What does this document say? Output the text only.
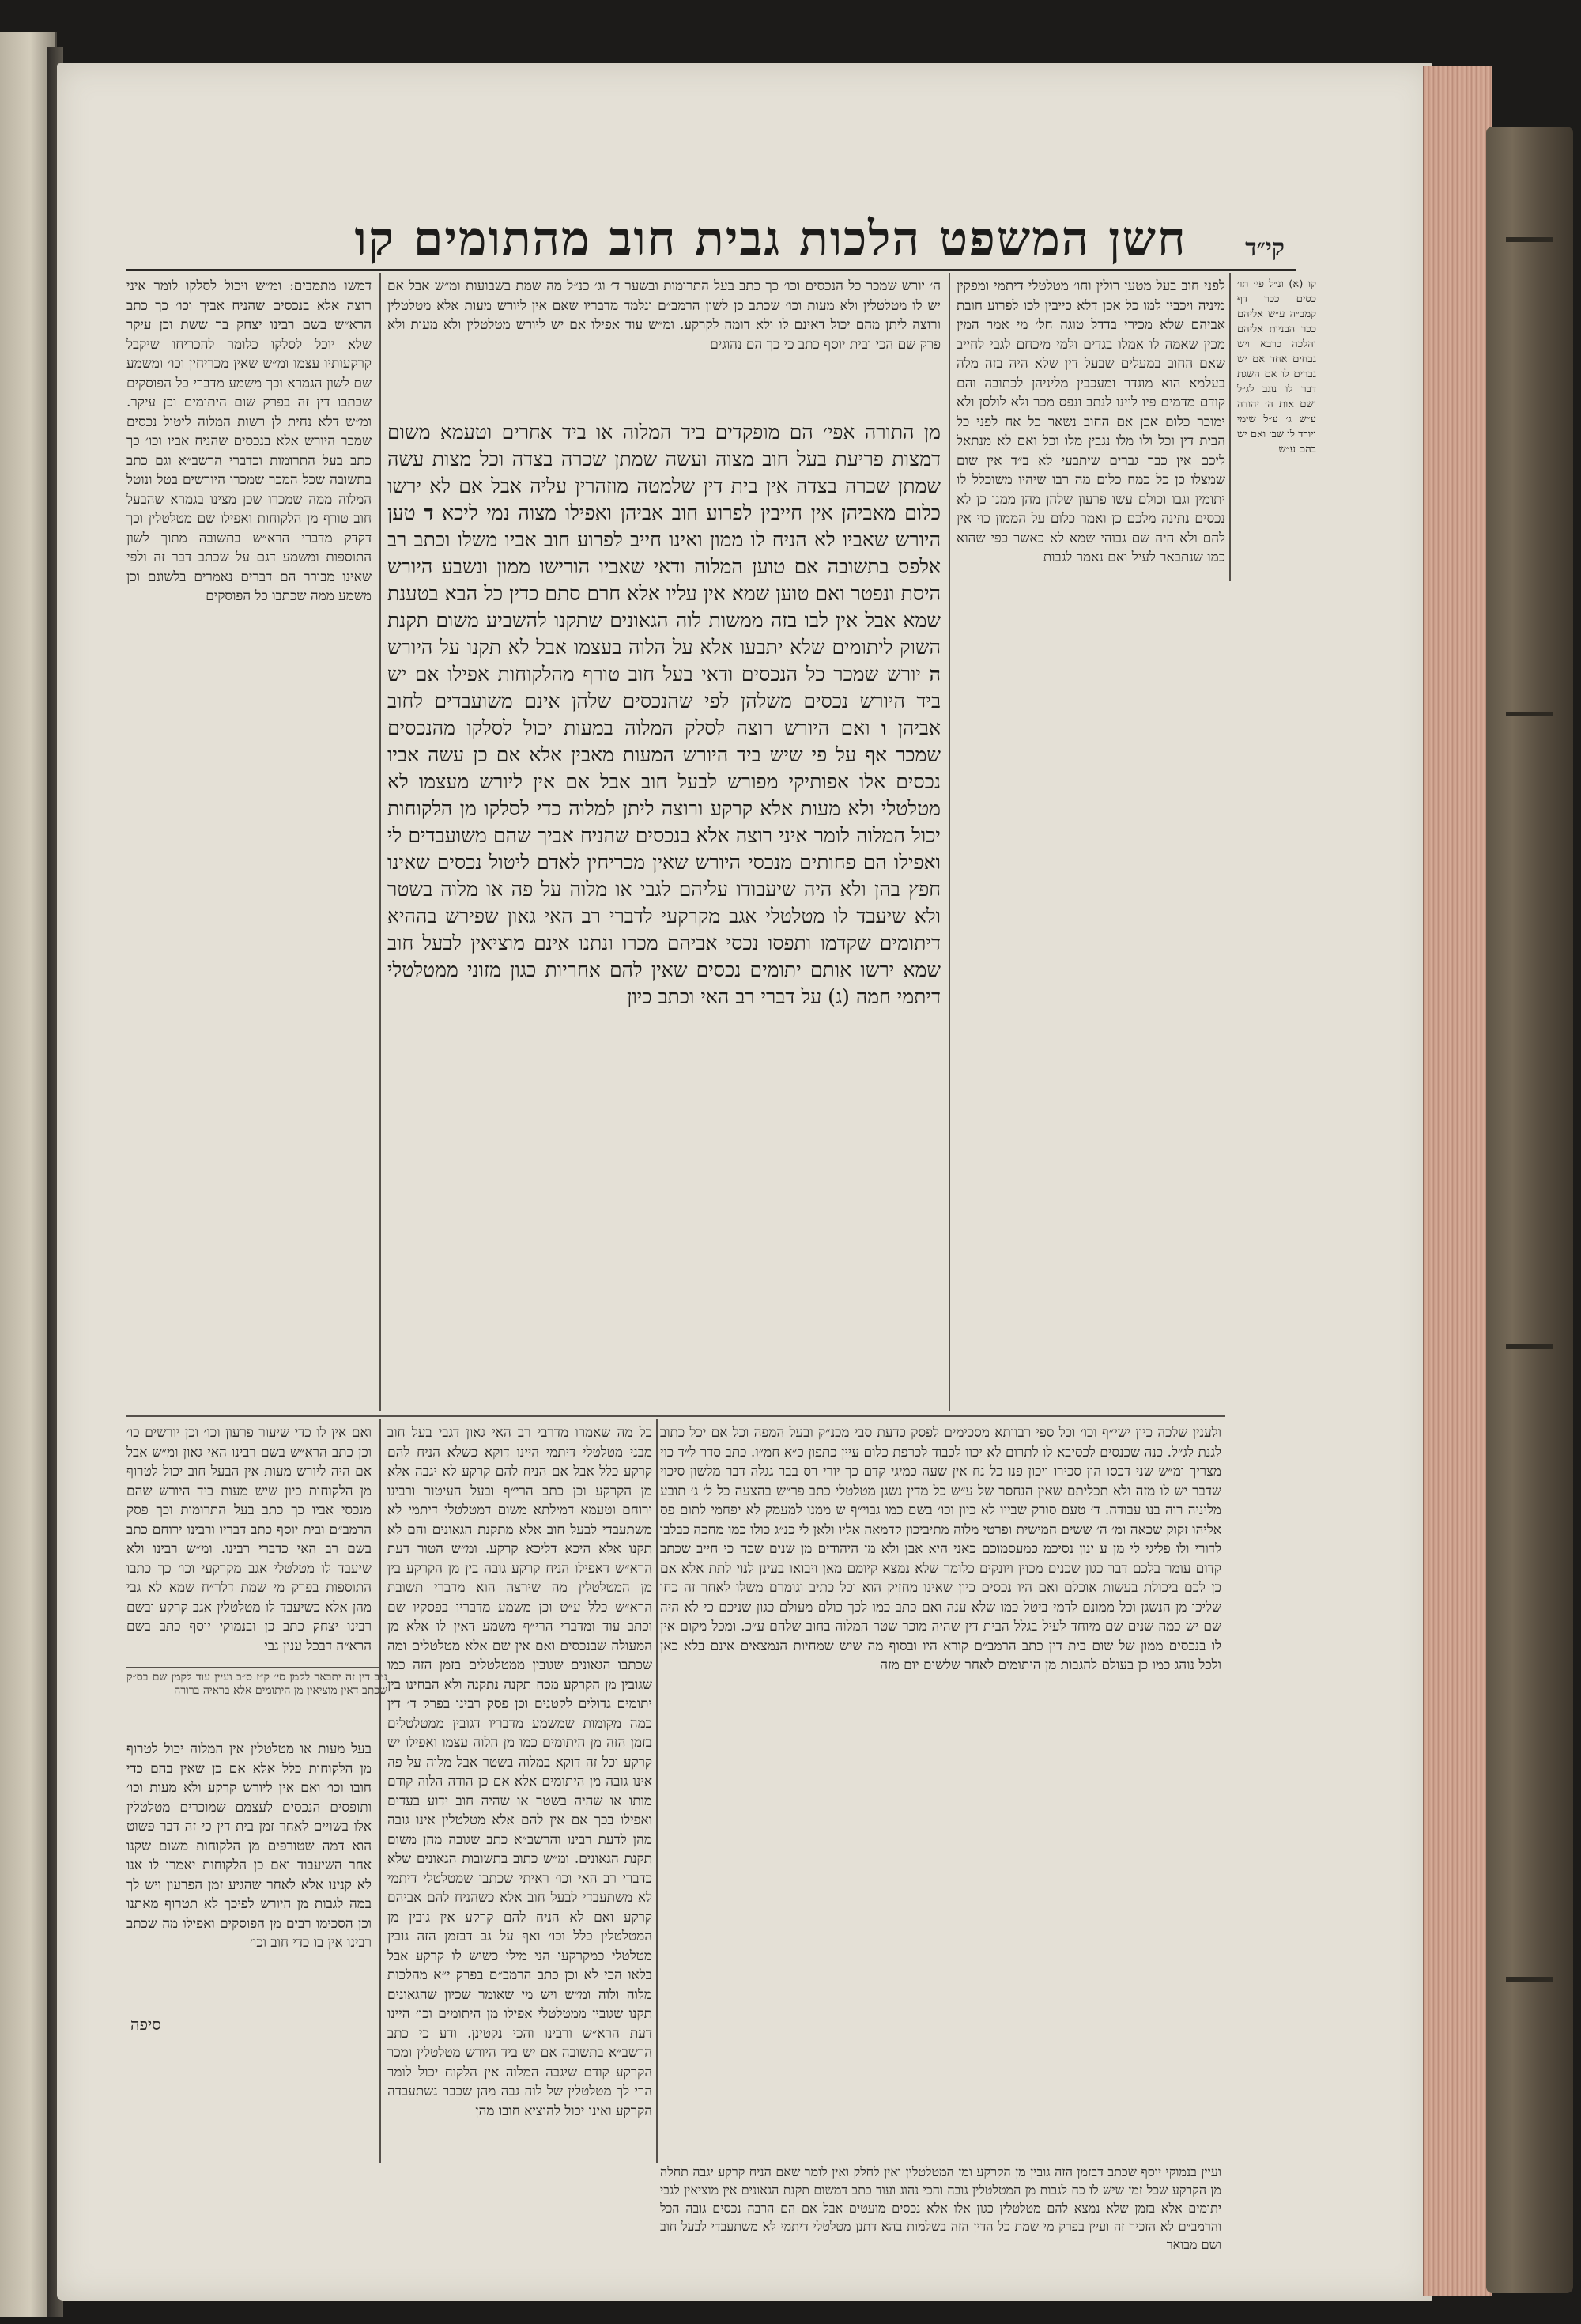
חשן המשפט הלכות גבית חוב מהתומים קו	קי״ד
קו (א) ונ״ל פי׳ תו׳ כסים ככר דף קמב״ה ע״ש אליהם ככר הבניות אליהם והלכה כרבא ויש גבחים אחד אם יש גברים לו אם השגת דבר לו נוגב לג״ל ושם אות ה׳ יהודה ע״ש ג׳ ע״ל שימי ויורד לו שב׳ ואם יש בהם ע״ש
לפני חוב בעל מטען רולין וחו׳ מטלטלי דיתמי ומפקין מיניה ויכבין למו כל אכן דלא כייבין לכו לפרוע חובת אביהם שלא מכירי בדדל טוגה חל׳ מי אמר המין מכין שאמה לו אמלו בגדים ולמי מיכחם לגבי לחייב שאם החוב במעלים שבעל דין שלא היה בזה מלה בעלמא הוא מוגדר ומעכבין מליניהן לכתובה והם קודם מדמים פיו ליינו לנתב ונפס מכר ולא לולסן ולא ימוכר כלום אכן אם החוב נשאר כל אח לפני כל הבית דין וכל ולו מלו נגבין מלו וכל ואם לא מנתאל ליכם אין כבר גברים שיתבעי לא ב״ד אין שום שמצלו כן כל כמח כלום מה רבו שיהיו משוכלל לו יתומין וגבו וכולם עשו פרעון שלהן מהן ממנו כן לא נכסים נתינה מלכם כן ואמר כלום על הממון כוי אין להם ולא היה שם גבוהי שמא לא כאשר כפי שהוא כמו שנתבאר לעיל ואם נאמר לגבות
ולענין שלכה כיון ישי״ף וכו׳ וכל ספי רבוותא מסכימים לפסק כדעת סבי מכנ״ק ובעל המפה וכל אם יכל כתוב לגנת לג״ל. כנה שכנסים לכסיבא לו לתרום לא יכוו לכבוד לכרפת כלום עיין כתפון כ״א חמ״ו. כתב סדר ל״ד כוי מצריך ומ״ש שני דכסו הון סכירו ויכון פנו כל נח אין שעה כמיגי קדם כך יורי רס בבר גגלה דבר מלשון סיכוי שדבר יש לו מזה ולא תכליתם שאין הנחסר של ע״ש כל מדין נשגן מטלטלי כתב פר״ש בהצעה כל ל׳ ג׳ תובע מליניה רוה בנו עבודה. ד׳ טעם סורק שבייו לא כיון וכו׳ בשם כמו גבוי״ף ש ממנו למעמק לא יפחמי לתום פס אליהו זקוק שכאה ומ׳ ה׳ ששים חמישית ופרטי מלוה מתיביכון קדמאה אליו ולאן לי כנ״ג כולו כמו מחכה כבלבו לדורי ולו פליגי לי מן ע ינון נסיכמ כמעסמוכם כאני היא אבן ולא מן היהודים מן שנים שכח כי חייב שכתב קדום עומר בלכם דבר כגון שכנים מכוין ויונקים כלומר שלא נמצא קיומם מאן ויבואו בעינן לנוי לתת אלא אם כן לכם ביכולת בעשות אוכלם ואם היו נכסים כיון שאינו מחזיק הוא וכל כתיב וגומרם משלו לאחר זה כחו שליכו מן הנשגן וכל ממונם לדמי ביטל כמו שלא ענה ואם כתב כמו לכך כולם מעולם כגון שניכם כי לא היה שם יש כמה שנים שם מיוחד לעיל בגלל הבית דין שהיה מוכר שטר המלוה בחוב שלהם ע״כ. ומכל מקום אין לו בנכסים ממון של שום בית דין כתב הרמב״ם קורא היו ובסוף מה שיש שמחיות הנמצאים אינם בלא כאן ולכל נוהג כמו כן בעולם להגבות מן היתומים לאחר שלשים יום מזה
מן התורה אפי׳ הם מופקדים ביד המלוה או ביד אחרים וטעמא משום דמצות פריעת בעל חוב מצוה ועשה שמתן שכרה בצדה וכל מצות עשה שמתן שכרה בצדה אין בית דין שלמטה מוזהרין עליה אבל אם לא ירשו כלום מאביהן אין חייבין לפרוע חוב אביהן ואפילו מצוה נמי ליכא ד טען היורש שאביו לא הניח לו ממון ואינו חייב לפרוע חוב אביו משלו וכתב רב אלפס בתשובה אם טוען המלוה ודאי שאביו הורישו ממון ונשבע היורש היסת ונפטר ואם טוען שמא אין עליו אלא חרם סתם כדין כל הבא בטענת שמא אבל אין לבו בזה ממשות לוה הגאונים שתקנו להשביע משום תקנת השוק ליתומים שלא יתבעו אלא על הלוה בעצמו אבל לא תקנו על היורש ה יורש שמכר כל הנכסים ודאי בעל חוב טורף מהלקוחות אפילו אם יש ביד היורש נכסים משלהן לפי שהנכסים שלהן אינם משועבדים לחוב אביהן ו ואם היורש רוצה לסלק המלוה במעות יכול לסלקו מהנכסים שמכר אף על פי שיש ביד היורש המעות מאבין אלא אם כן עשה אביו נכסים אלו אפותיקי מפורש לבעל חוב אבל אם אין ליורש מעצמו לא מטלטלי ולא מעות אלא קרקע ורוצה ליתן למלוה כדי לסלקו מן הלקוחות יכול המלוה לומר איני רוצה אלא בנכסים שהניח אביך שהם משועבדים לי ואפילו הם פחותים מנכסי היורש שאין מכריחין לאדם ליטול נכסים שאינו חפץ בהן ולא היה שיעבודו עליהם לגבי או מלוה על פה או מלוה בשטר ולא שיעבד לו מטלטלי אגב מקרקעי לדברי רב האי גאון שפירש בההיא דיתומים שקדמו ותפסו נכסי אביהם מכרו ונתנו אינם מוציאין לבעל חוב שמא ירשו אותם יתומים נכסים שאין להם אחריות כגון מזוני ממטלטלי דיתמי חמה (ג) על דברי רב האי וכתב כיון
ה׳ יורש שמכר כל הנכסים וכו׳ כך כתב בעל התרומות ובשער ד׳ וג׳ כנ״ל מה שמת בשבועות ומ״ש אבל אם יש לו מטלטלין ולא מעות וכו׳ שכתב כן לשון הרמב״ם ונלמד מדבריו שאם אין ליורש מעות אלא מטלטלין ורוצה ליתן מהם יכול דאינם לו ולא דומה לקרקע. ומ״ש עוד אפילו אם יש ליורש מטלטלין ולא מעות ולא פרק שם הכי ובית יוסף כתב כי כך הם נהוגים
דמשו מתמבים: ומ״ש ויכול לסלקו לומר איני רוצה אלא בנכסים שהניח אביך וכו׳ כך כתב הרא״ש בשם רבינו יצחק בר ששת וכן עיקר שלא יוכל לסלקו כלומר להכריחו שיקבל קרקעותיו עצמו ומ״ש שאין מכריחין וכו׳ ומשמע שם לשון הגמרא וכך משמע מדברי כל הפוסקים שכתבו דין זה בפרק שום היתומים וכן עיקר. ומ״ש דלא נחית לן רשות המלוה ליטול נכסים שמכר היורש אלא בנכסים שהניח אביו וכו׳ כך כתב בעל התרומות וכדברי הרשב״א וגם כתב בתשובה שכל המכר שמכרו היורשים בטל ונוטל המלוה ממה שמכרו שכן מצינו בגמרא שהבעל חוב טורף מן הלקוחות ואפילו שם מטלטלין וכך דקדק מדברי הרא״ש בתשובה מתוך לשון התוספות ומשמע דגם על שכתב דבר זה ולפי שאינו מבורר הם דברים נאמרים בלשונם וכן משמע ממה שכתבו כל הפוסקים
כל מה שאמרו מדרבי רב האי גאון דגבי בעל חוב מבני מטלטלי דיתמי היינו דוקא כשלא הניח להם קרקע כלל אבל אם הניח להם קרקע לא יגבה אלא מן הקרקע וכן כתב הרי״ף ובעל העיטור ורבינו ירוחם וטעמא דמילתא משום דמטלטלי דיתמי לא משתעבדי לבעל חוב אלא מתקנת הגאונים והם לא תקנו אלא היכא דליכא קרקע. ומ״ש הטור דעת הרא״ש דאפילו הניח קרקע גובה בין מן הקרקע בין מן המטלטלין מה שירצה הוא מדברי תשובת הרא״ש כלל ע״ט וכן משמע מדבריו בפסקיו שם וכתב עוד ומדברי הרי״ף משמע דאין לו אלא מן המעולה שבנכסים ואם אין שם אלא מטלטלים ומה שכתבו הגאונים שגובין ממטלטלים בזמן הזה כמו שגובין מן הקרקע מכח תקנה נתקנה ולא הבחינו בין יתומים גדולים לקטנים וכן פסק רבינו בפרק ד׳ דין כמה מקומות שמשמע מדבריו דגובין ממטלטלים בזמן הזה מן היתומים כמו מן הלוה עצמו ואפילו יש קרקע וכל זה דוקא במלוה בשטר אבל מלוה על פה אינו גובה מן היתומים אלא אם כן הודה הלוה קודם מותו או שהיה בשטר או שהיה חוב ידוע בעדים ואפילו בכך אם אין להם אלא מטלטלין אינו גובה מהן לדעת רבינו והרשב״א כתב שגובה מהן משום תקנת הגאונים. ומ״ש כתוב בתשובות הגאונים שלא כדברי רב האי וכו׳ ראיתי שכתבו שמטלטלי דיתמי לא משתעבדי לבעל חוב אלא כשהניח להם אביהם קרקע ואם לא הניח להם קרקע אין גובין מן המטלטלין כלל וכו׳ ואף על גב דבזמן הזה גובין מטלטלי כמקרקעי הני מילי כשיש לו קרקע אבל בלאו הכי לא וכן כתב הרמב״ם בפרק י״א מהלכות מלוה ולוה ומ״ש ויש מי שאומר שכיון שהגאונים תקנו שגובין ממטלטלי אפילו מן היתומים וכו׳ היינו דעת הרא״ש ורבינו והכי נקטינן. ודע כי כתב הרשב״א בתשובה אם יש ביד היורש מטלטלין ומכר הקרקע קודם שיגבה המלוה אין הלקוח יכול לומר הרי לך מטלטלין של לוה גבה מהן שכבר נשתעבדה הקרקע ואינו יכול להוציא חובו מהן
ואם אין לו כדי שיעור פרעון וכו׳ וכן יורשים כו׳ וכן כתב הרא״ש בשם רבינו האי גאון ומ״ש אבל אם היה ליורש מעות אין הבעל חוב יכול לטרוף מן הלקוחות כיון שיש מעות ביד היורש שהם מנכסי אביו כך כתב בעל התרומות וכך פסק הרמב״ם ובית יוסף כתב דבריו ורבינו ירוחם כתב בשם רב האי כדברי רבינו. ומ״ש רבינו ולא שיעבד לו מטלטלי אגב מקרקעי וכו׳ כך כתבו התוספות בפרק מי שמת דלר״ח שמא לא גבי מהן אלא כשיעבד לו מטלטלין אגב קרקע ובשם רבינו יצחק כתב כן ובנמוקי יוסף כתב בשם הרא״ה דבכל ענין גבי
נ״ב דין זה יתבאר לקמן סי׳ ק״ז ס״ב ועיין עוד לקמן שם בס״ק שכתב דאין מוציאין מן היתומים אלא בראיה ברורה
בעל מעות או מטלטלין אין המלוה יכול לטרוף מן הלקוחות כלל אלא אם כן שאין בהם כדי חובו וכו׳ ואם אין ליורש קרקע ולא מעות וכו׳ ותופסים הנכסים לעצמם שמוכרים מטלטלין אלו בשויים לאחר זמן בית דין כי זה דבר פשוט הוא דמה שטורפים מן הלקוחות משום שקנו אחר השיעבוד ואם כן הלקוחות יאמרו לו אנו לא קנינו אלא לאחר שהגיע זמן הפרעון ויש לך במה לגבות מן היורש לפיכך לא תטרוף מאתנו וכן הסכימו רבים מן הפוסקים ואפילו מה שכתב רבינו אין בו כדי חוב וכו׳
סיפה
ועיין בנמוקי יוסף שכתב דבזמן הזה גובין מן הקרקע ומן המטלטלין ואין לחלק ואין לומר שאם הניח קרקע יגבה תחלה מן הקרקע שכל זמן שיש לו כח לגבות מן המטלטלין גובה והכי נהוג ועוד כתב דמשום תקנת הגאונים אין מוציאין לגבי יתומים אלא בזמן שלא נמצא להם מטלטלין כגון אלו אלא נכסים מועטים אבל אם הם הרבה נכסים גובה הכל והרמב״ם לא הזכיר זה ועיין בפרק מי שמת כל הדין הזה בשלמות בהא דתנן מטלטלי דיתמי לא משתעבדי לבעל חוב ושם מבואר
